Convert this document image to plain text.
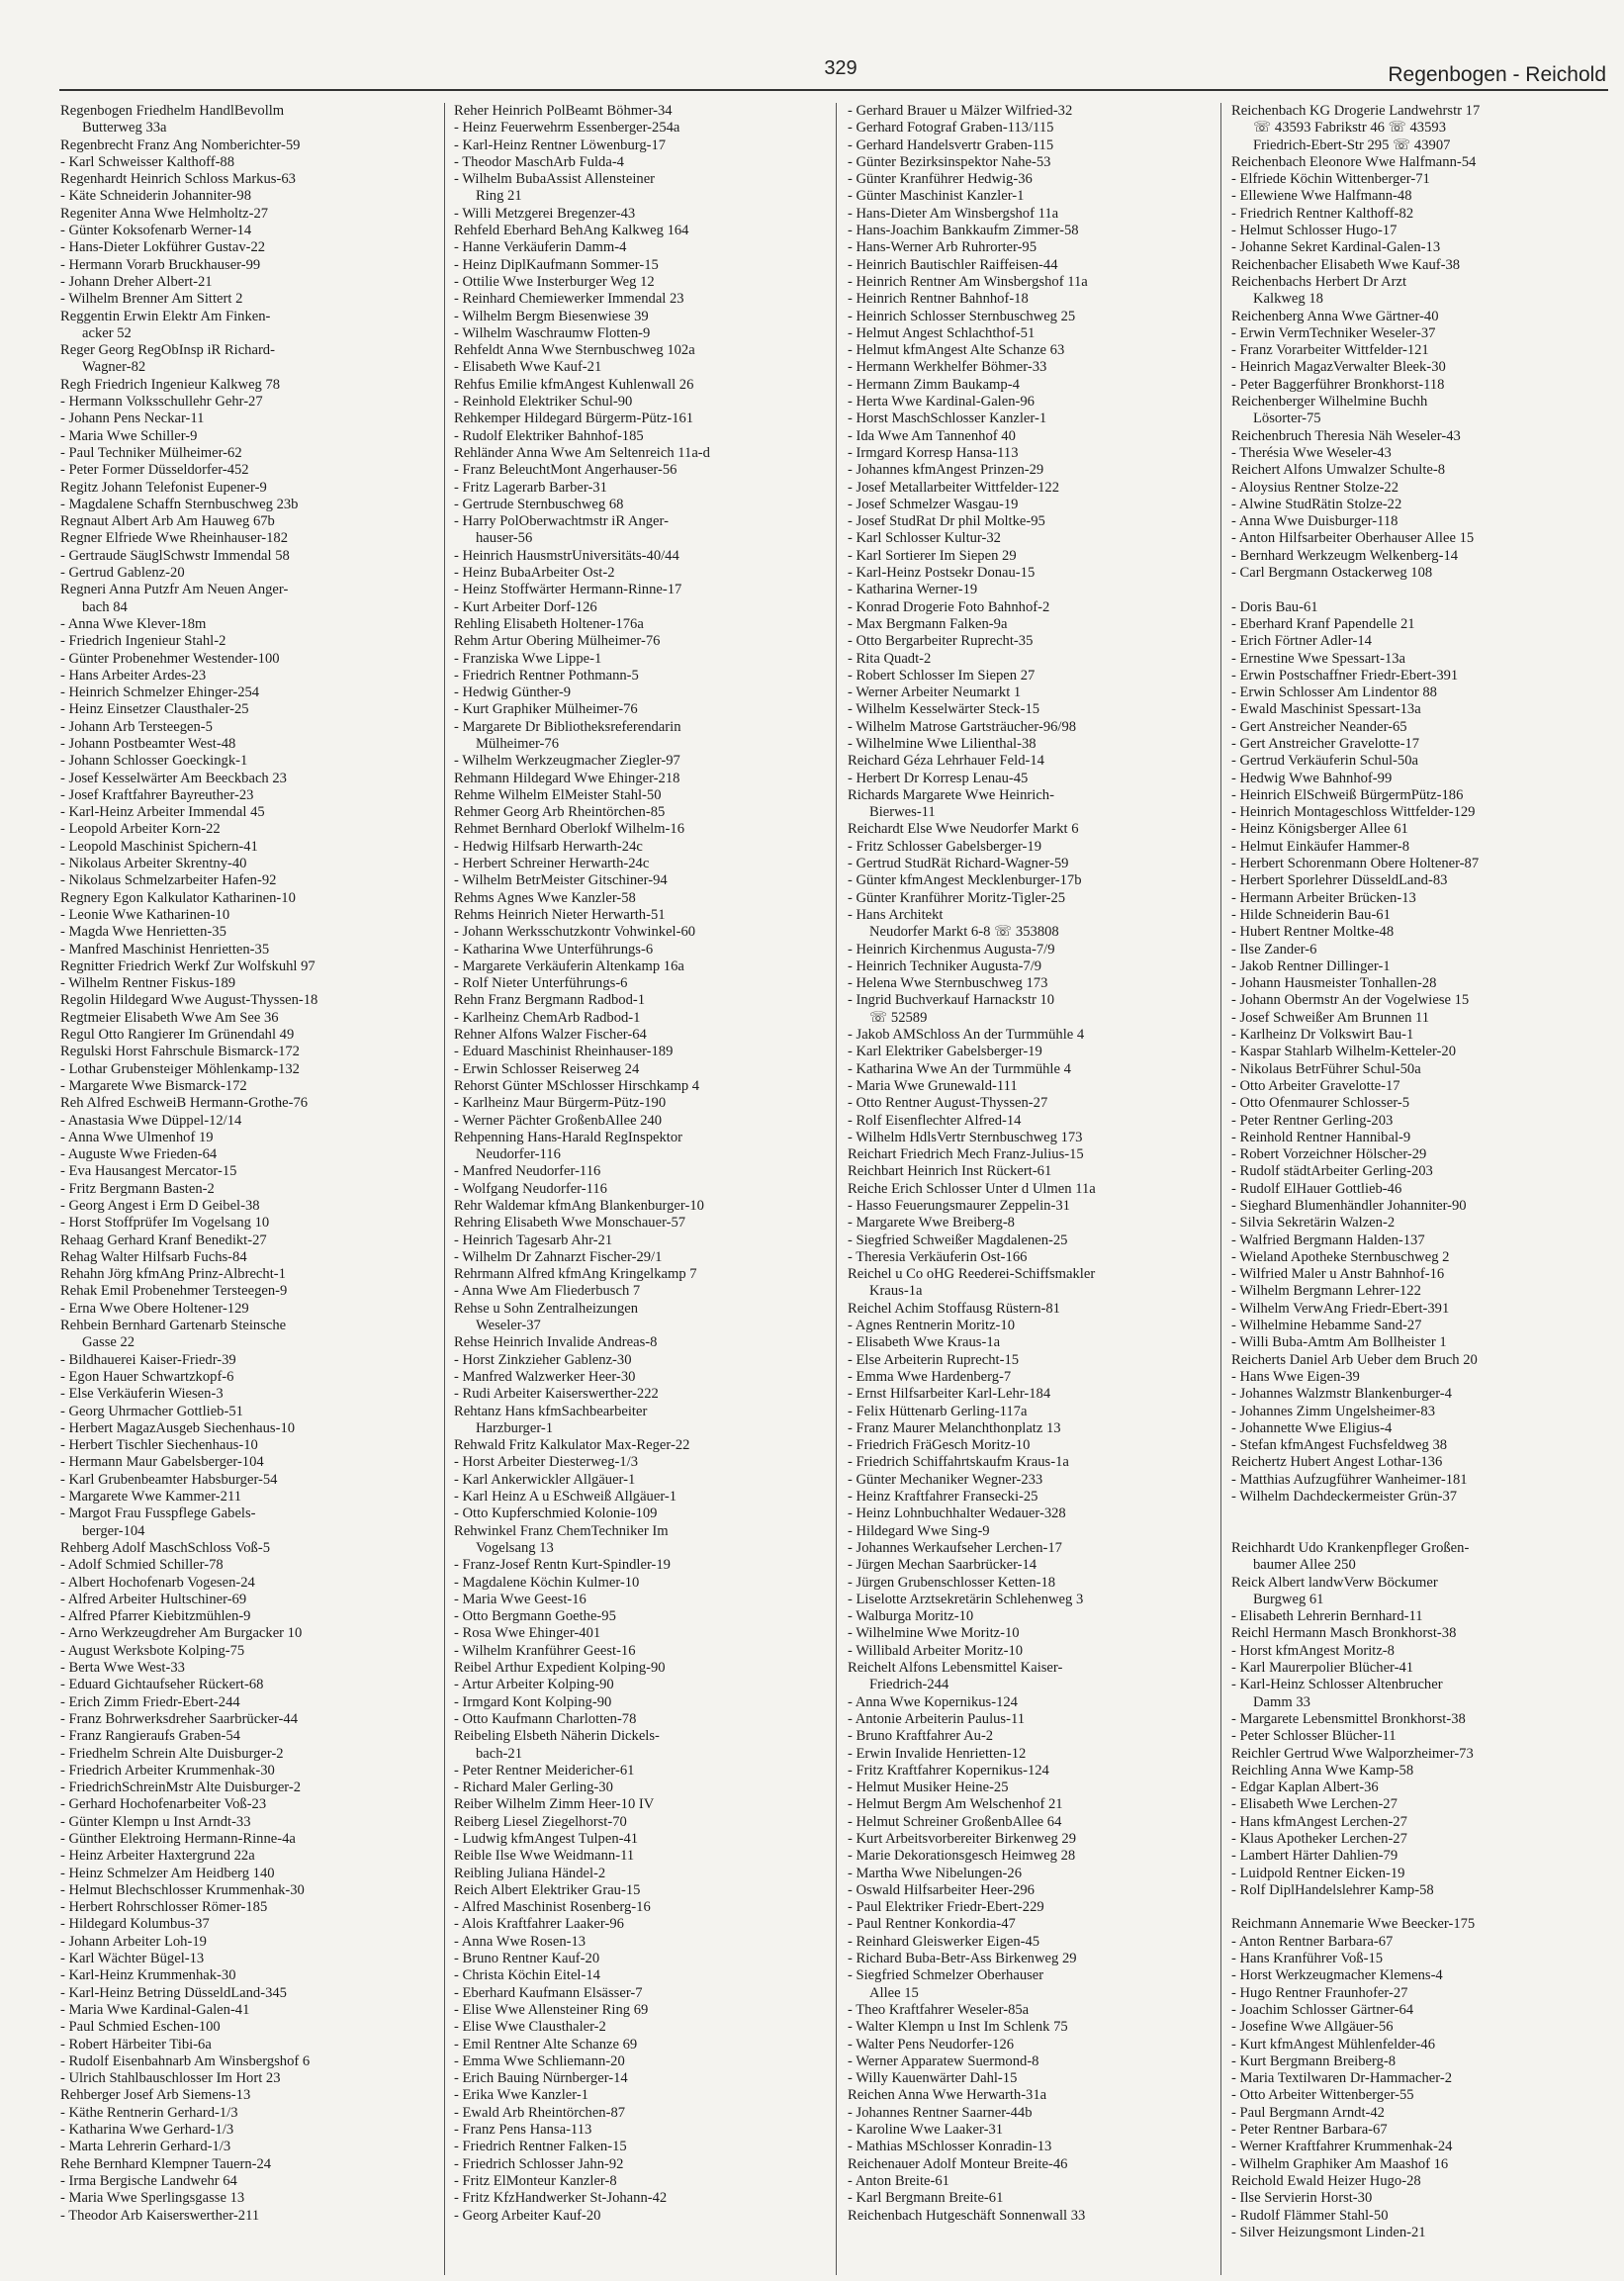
329	Regenbogen - Reichold
Regenbogen Friedhelm HandlBevollm
Butterweg 33a
Regenbrecht Franz Ang Nomberichter-59
- Karl Schweisser Kalthoff-88
Regenhardt Heinrich Schloss Markus-63
- Käte Schneiderin Johanniter-98
Regeniter Anna Wwe Helmholtz-27
- Günter Koksofenarb Werner-14
- Hans-Dieter Lokführer Gustav-22
- Hermann Vorarb Bruckhauser-99
- Johann Dreher Albert-21
- Wilhelm Brenner Am Sittert 2
Reggentin Erwin Elektr Am Finken-
acker 52
Reger Georg RegObInsp iR Richard-
Wagner-82
Regh Friedrich Ingenieur Kalkweg 78
- Hermann Volksschullehr Gehr-27
- Johann Pens Neckar-11
- Maria Wwe Schiller-9
- Paul Techniker Mülheimer-62
- Peter Former Düsseldorfer-452
Regitz Johann Telefonist Eupener-9
- Magdalene Schaffn Sternbuschweg 23b
Regnaut Albert Arb Am Hauweg 67b
Regner Elfriede Wwe Rheinhauser-182
- Gertraude SäuglSchwstr Immendal 58
- Gertrud Gablenz-20
Regneri Anna Putzfr Am Neuen Anger-
bach 84
- Anna Wwe Klever-18m
- Friedrich Ingenieur Stahl-2
- Günter Probenehmer Westender-100
- Hans Arbeiter Ardes-23
- Heinrich Schmelzer Ehinger-254
- Heinz Einsetzer Clausthaler-25
- Johann Arb Tersteegen-5
- Johann Postbeamter West-48
- Johann Schlosser Goeckingk-1
- Josef Kesselwärter Am Beeckbach 23
- Josef Kraftfahrer Bayreuther-23
- Karl-Heinz Arbeiter Immendal 45
- Leopold Arbeiter Korn-22
- Leopold Maschinist Spichern-41
- Nikolaus Arbeiter Skrentny-40
- Nikolaus Schmelzarbeiter Hafen-92
Regnery Egon Kalkulator Katharinen-10
- Leonie Wwe Katharinen-10
- Magda Wwe Henrietten-35
- Manfred Maschinist Henrietten-35
Regnitter Friedrich Werkf Zur Wolfskuhl 97
- Wilhelm Rentner Fiskus-189
Regolin Hildegard Wwe August-Thyssen-18
Regtmeier Elisabeth Wwe Am See 36
Regul Otto Rangierer Im Grünendahl 49
Regulski Horst Fahrschule Bismarck-172
- Lothar Grubensteiger Möhlenkamp-132
- Margarete Wwe Bismarck-172
Reh Alfred EschweiB Hermann-Grothe-76
- Anastasia Wwe Düppel-12/14
- Anna Wwe Ulmenhof 19
- Auguste Wwe Frieden-64
- Eva Hausangest Mercator-15
- Fritz Bergmann Basten-2
- Georg Angest i Erm D Geibel-38
- Horst Stoffprüfer Im Vogelsang 10
Rehaag Gerhard Kranf Benedikt-27
Rehag Walter Hilfsarb Fuchs-84
Rehahn Jörg kfmAng Prinz-Albrecht-1
Rehak Emil Probenehmer Tersteegen-9
- Erna Wwe Obere Holtener-129
Rehbein Bernhard Gartenarb Steinsche
Gasse 22
- Bildhauerei Kaiser-Friedr-39
- Egon Hauer Schwartzkopf-6
- Else Verkäuferin Wiesen-3
- Georg Uhrmacher Gottlieb-51
- Herbert MagazAusgeb Siechenhaus-10
- Herbert Tischler Siechenhaus-10
- Hermann Maur Gabelsberger-104
- Karl Grubenbeamter Habsburger-54
- Margarete Wwe Kammer-211
- Margot Frau Fusspflege Gabels-
berger-104
Rehberg Adolf MaschSchloss Voß-5
- Adolf Schmied Schiller-78
- Albert Hochofenarb Vogesen-24
- Alfred Arbeiter Hultschiner-69
- Alfred Pfarrer Kiebitzmühlen-9
- Arno Werkzeugdreher Am Burgacker 10
- August Werksbote Kolping-75
- Berta Wwe West-33
- Eduard Gichtaufseher Rückert-68
- Erich Zimm Friedr-Ebert-244
- Franz Bohrwerksdreher Saarbrücker-44
- Franz Rangieraufs Graben-54
- Friedhelm Schrein Alte Duisburger-2
- Friedrich Arbeiter Krummenhak-30
- FriedrichSchreinMstr Alte Duisburger-2
- Gerhard Hochofenarbeiter Voß-23
- Günter Klempn u Inst Arndt-33
- Günther Elektroing Hermann-Rinne-4a
- Heinz Arbeiter Haxtergrund 22a
- Heinz Schmelzer Am Heidberg 140
- Helmut Blechschlosser Krummenhak-30
- Herbert Rohrschlosser Römer-185
- Hildegard Kolumbus-37
- Johann Arbeiter Loh-19
- Karl Wächter Bügel-13
- Karl-Heinz Krummenhak-30
- Karl-Heinz Betring DüsseldLand-345
- Maria Wwe Kardinal-Galen-41
- Paul Schmied Eschen-100
- Robert Härbeiter Tibi-6a
- Rudolf Eisenbahnarb Am Winsbergshof 6
- Ulrich Stahlbauschlosser Im Hort 23
Rehberger Josef Arb Siemens-13
- Käthe Rentnerin Gerhard-1/3
- Katharina Wwe Gerhard-1/3
- Marta Lehrerin Gerhard-1/3
Rehe Bernhard Klempner Tauern-24
- Irma Bergische Landwehr 64
- Maria Wwe Sperlingsgasse 13
- Theodor Arb Kaiserswerther-211
Reher Heinrich PolBeamt Böhmer-34
- Heinz Feuerwehrm Essenberger-254a
- Karl-Heinz Rentner Löwenburg-17
- Theodor MaschArb Fulda-4
- Wilhelm BubaAssist Allensteiner
Ring 21
- Willi Metzgerei Bregenzer-43
Rehfeld Eberhard BehAng Kalkweg 164
- Hanne Verkäuferin Damm-4
- Heinz DiplKaufmann Sommer-15
- Ottilie Wwe Insterburger Weg 12
- Reinhard Chemiewerker Immendal 23
- Wilhelm Bergm Biesenwiese 39
- Wilhelm Waschraumw Flotten-9
Rehfeldt Anna Wwe Sternbuschweg 102a
- Elisabeth Wwe Kauf-21
Rehfus Emilie kfmAngest Kuhlenwall 26
- Reinhold Elektriker Schul-90
Rehkemper Hildegard Bürgerm-Pütz-161
- Rudolf Elektriker Bahnhof-185
Rehländer Anna Wwe Am Seltenreich 11a-d
- Franz BeleuchtMont Angerhauser-56
- Fritz Lagerarb Barber-31
- Gertrude Sternbuschweg 68
- Harry PolOberwachtmstr iR Anger-
hauser-56
- Heinrich HausmstrUniversitäts-40/44
- Heinz BubaArbeiter Ost-2
- Heinz Stoffwärter Hermann-Rinne-17
- Kurt Arbeiter Dorf-126
Rehling Elisabeth Holtener-176a
Rehm Artur Obering Mülheimer-76
- Franziska Wwe Lippe-1
- Friedrich Rentner Pothmann-5
- Hedwig Günther-9
- Kurt Graphiker Mülheimer-76
- Margarete Dr Bibliotheksreferendarin
Mülheimer-76
- Wilhelm Werkzeugmacher Ziegler-97
Rehmann Hildegard Wwe Ehinger-218
Rehme Wilhelm ElMeister Stahl-50
Rehmer Georg Arb Rheintörchen-85
Rehmet Bernhard Oberlokf Wilhelm-16
- Hedwig Hilfsarb Herwarth-24c
- Herbert Schreiner Herwarth-24c
- Wilhelm BetrMeister Gitschiner-94
Rehms Agnes Wwe Kanzler-58
Rehms Heinrich Nieter Herwarth-51
- Johann Werksschutzkontr Vohwinkel-60
- Katharina Wwe Unterführungs-6
- Margarete Verkäuferin Altenkamp 16a
- Rolf Nieter Unterführungs-6
Rehn Franz Bergmann Radbod-1
- Karlheinz ChemArb Radbod-1
Rehner Alfons Walzer Fischer-64
- Eduard Maschinist Rheinhauser-189
- Erwin Schlosser Reiserweg 24
Rehorst Günter MSchlosser Hirschkamp 4
- Karlheinz Maur Bürgerm-Pütz-190
- Werner Pächter GroßenbAllee 240
Rehpenning Hans-Harald RegInspektor
Neudorfer-116
- Manfred Neudorfer-116
- Wolfgang Neudorfer-116
Rehr Waldemar kfmAng Blankenburger-10
Rehring Elisabeth Wwe Monschauer-57
- Heinrich Tagesarb Ahr-21
- Wilhelm Dr Zahnarzt Fischer-29/1
Rehrmann Alfred kfmAng Kringelkamp 7
- Anna Wwe Am Fliederbusch 7
Rehse u Sohn Zentralheizungen
Weseler-37
Rehse Heinrich Invalide Andreas-8
- Horst Zinkzieher Gablenz-30
- Manfred Walzwerker Heer-30
- Rudi Arbeiter Kaiserswerther-222
Rehtanz Hans kfmSachbearbeiter
Harzburger-1
Rehwald Fritz Kalkulator Max-Reger-22
- Horst Arbeiter Diesterweg-1/3
- Karl Ankerwickler Allgäuer-1
- Karl Heinz A u ESchweiß Allgäuer-1
- Otto Kupferschmied Kolonie-109
Rehwinkel Franz ChemTechniker Im
Vogelsang 13
- Franz-Josef Rentn Kurt-Spindler-19
- Magdalene Köchin Kulmer-10
- Maria Wwe Geest-16
- Otto Bergmann Goethe-95
- Rosa Wwe Ehinger-401
- Wilhelm Kranführer Geest-16
Reibel Arthur Expedient Kolping-90
- Artur Arbeiter Kolping-90
- Irmgard Kont Kolping-90
- Otto Kaufmann Charlotten-78
Reibeling Elsbeth Näherin Dickels-
bach-21
- Peter Rentner Meidericher-61
- Richard Maler Gerling-30
Reiber Wilhelm Zimm Heer-10 IV
Reiberg Liesel Ziegelhorst-70
- Ludwig kfmAngest Tulpen-41
Reible Ilse Wwe Weidmann-11
Reibling Juliana Händel-2
Reich Albert Elektriker Grau-15
- Alfred Maschinist Rosenberg-16
- Alois Kraftfahrer Laaker-96
- Anna Wwe Rosen-13
- Bruno Rentner Kauf-20
- Christa Köchin Eitel-14
- Eberhard Kaufmann Elsässer-7
- Elise Wwe Allensteiner Ring 69
- Elise Wwe Clausthaler-2
- Emil Rentner Alte Schanze 69
- Emma Wwe Schliemann-20
- Erich Bauing Nürnberger-14
- Erika Wwe Kanzler-1
- Ewald Arb Rheintörchen-87
- Franz Pens Hansa-113
- Friedrich Rentner Falken-15
- Friedrich Schlosser Jahn-92
- Fritz ElMonteur Kanzler-8
- Fritz KfzHandwerker St-Johann-42
- Georg Arbeiter Kauf-20
- Gerhard Brauer u Mälzer Wilfried-32
- Gerhard Fotograf Graben-113/115
- Gerhard Handelsvertr Graben-115
- Günter Bezirksinspektor Nahe-53
- Günter Kranführer Hedwig-36
- Günter Maschinist Kanzler-1
- Hans-Dieter Am Winsbergshof 11a
- Hans-Joachim Bankkaufm Zimmer-58
- Hans-Werner Arb Ruhrorter-95
- Heinrich Bautischler Raiffeisen-44
- Heinrich Rentner Am Winsbergshof 11a
- Heinrich Rentner Bahnhof-18
- Heinrich Schlosser Sternbuschweg 25
- Helmut Angest Schlachthof-51
- Helmut kfmAngest Alte Schanze 63
- Hermann Werkhelfer Böhmer-33
- Hermann Zimm Baukamp-4
- Herta Wwe Kardinal-Galen-96
- Horst MaschSchlosser Kanzler-1
- Ida Wwe Am Tannenhof 40
- Irmgard Korresp Hansa-113
- Johannes kfmAngest Prinzen-29
- Josef Metallarbeiter Wittfelder-122
- Josef Schmelzer Wasgau-19
- Josef StudRat Dr phil Moltke-95
- Karl Schlosser Kultur-32
- Karl Sortierer Im Siepen 29
- Karl-Heinz Postsekr Donau-15
- Katharina Werner-19
- Konrad Drogerie Foto Bahnhof-2
- Max Bergmann Falken-9a
- Otto Bergarbeiter Ruprecht-35
- Rita Quadt-2
- Robert Schlosser Im Siepen 27
- Werner Arbeiter Neumarkt 1
- Wilhelm Kesselwärter Steck-15
- Wilhelm Matrose Gartsträucher-96/98
- Wilhelmine Wwe Lilienthal-38
Reichard Géza Lehrhauer Feld-14
- Herbert Dr Korresp Lenau-45
Richards Margarete Wwe Heinrich-
Bierwes-11
Reichardt Else Wwe Neudorfer Markt 6
- Fritz Schlosser Gabelsberger-19
- Gertrud StudRät Richard-Wagner-59
- Günter kfmAngest Mecklenburger-17b
- Günter Kranführer Moritz-Tigler-25
- Hans Architekt
Neudorfer Markt 6-8 ☏ 353808
- Heinrich Kirchenmus Augusta-7/9
- Heinrich Techniker Augusta-7/9
- Helena Wwe Sternbuschweg 173
- Ingrid Buchverkauf Harnackstr 10
☏ 52589
- Jakob AMSchloss An der Turmmühle 4
- Karl Elektriker Gabelsberger-19
- Katharina Wwe An der Turmmühle 4
- Maria Wwe Grunewald-111
- Otto Rentner August-Thyssen-27
- Rolf Eisenflechter Alfred-14
- Wilhelm HdlsVertr Sternbuschweg 173
Reichart Friedrich Mech Franz-Julius-15
Reichbart Heinrich Inst Rückert-61
Reiche Erich Schlosser Unter d Ulmen 11a
- Hasso Feuerungsmaurer Zeppelin-31
- Margarete Wwe Breiberg-8
- Siegfried Schweißer Magdalenen-25
- Theresia Verkäuferin Ost-166
Reichel u Co oHG Reederei-Schiffsmakler
Kraus-1a
Reichel Achim Stoffausg Rüstern-81
- Agnes Rentnerin Moritz-10
- Elisabeth Wwe Kraus-1a
- Else Arbeiterin Ruprecht-15
- Emma Wwe Hardenberg-7
- Ernst Hilfsarbeiter Karl-Lehr-184
- Felix Hüttenarb Gerling-117a
- Franz Maurer Melanchthonplatz 13
- Friedrich FräGesch Moritz-10
- Friedrich Schiffahrtskaufm Kraus-1a
- Günter Mechaniker Wegner-233
- Heinz Kraftfahrer Fransecki-25
- Heinz Lohnbuchhalter Wedauer-328
- Hildegard Wwe Sing-9
- Johannes Werkaufseher Lerchen-17
- Jürgen Mechan Saarbrücker-14
- Jürgen Grubenschlosser Ketten-18
- Liselotte Arztsekretärin Schlehenweg 3
- Walburga Moritz-10
- Wilhelmine Wwe Moritz-10
- Willibald Arbeiter Moritz-10
Reichelt Alfons Lebensmittel Kaiser-
Friedrich-244
- Anna Wwe Kopernikus-124
- Antonie Arbeiterin Paulus-11
- Bruno Kraftfahrer Au-2
- Erwin Invalide Henrietten-12
- Fritz Kraftfahrer Kopernikus-124
- Helmut Musiker Heine-25
- Helmut Bergm Am Welschenhof 21
- Helmut Schreiner GroßenbAllee 64
- Kurt Arbeitsvorbereiter Birkenweg 29
- Marie Dekorationsgesch Heimweg 28
- Martha Wwe Nibelungen-26
- Oswald Hilfsarbeiter Heer-296
- Paul Elektriker Friedr-Ebert-229
- Paul Rentner Konkordia-47
- Reinhard Gleiswerker Eigen-45
- Richard Buba-Betr-Ass Birkenweg 29
- Siegfried Schmelzer Oberhauser
Allee 15
- Theo Kraftfahrer Weseler-85a
- Walter Klempn u Inst Im Schlenk 75
- Walter Pens Neudorfer-126
- Werner Apparatew Suermond-8
- Willy Kauenwärter Dahl-15
Reichen Anna Wwe Herwarth-31a
- Johannes Rentner Saarner-44b
- Karoline Wwe Laaker-31
- Mathias MSchlosser Konradin-13
Reichenauer Adolf Monteur Breite-46
- Anton Breite-61
- Karl Bergmann Breite-61
Reichenbach Hutgeschäft Sonnenwall 33
Reichenbach KG Drogerie Landwehrstr 17
☏ 43593 Fabrikstr 46 ☏ 43593
Friedrich-Ebert-Str 295 ☏ 43907
Reichenbach Eleonore Wwe Halfmann-54
- Elfriede Köchin Wittenberger-71
- Ellewiene Wwe Halfmann-48
- Friedrich Rentner Kalthoff-82
- Helmut Schlosser Hugo-17
- Johanne Sekret Kardinal-Galen-13
Reichenbacher Elisabeth Wwe Kauf-38
Reichenbachs Herbert Dr Arzt
Kalkweg 18
Reichenberg Anna Wwe Gärtner-40
- Erwin VermTechniker Weseler-37
- Franz Vorarbeiter Wittfelder-121
- Heinrich MagazVerwalter Bleek-30
- Peter Baggerführer Bronkhorst-118
Reichenberger Wilhelmine Buchh
Lösorter-75
Reichenbruch Theresia Näh Weseler-43
- Therésia Wwe Weseler-43
Reichert Alfons Umwalzer Schulte-8
- Aloysius Rentner Stolze-22
- Alwine StudRätin Stolze-22
- Anna Wwe Duisburger-118
- Anton Hilfsarbeiter Oberhauser Allee 15
- Bernhard Werkzeugm Welkenberg-14
- Carl Bergmann Ostackerweg 108
- Doris Bau-61
- Eberhard Kranf Papendelle 21
- Erich Förtner Adler-14
- Ernestine Wwe Spessart-13a
- Erwin Postschaffner Friedr-Ebert-391
- Erwin Schlosser Am Lindentor 88
- Ewald Maschinist Spessart-13a
- Gert Anstreicher Neander-65
- Gert Anstreicher Gravelotte-17
- Gertrud Verkäuferin Schul-50a
- Hedwig Wwe Bahnhof-99
- Heinrich ElSchweiß BürgermPütz-186
- Heinrich Montageschloss Wittfelder-129
- Heinz Königsberger Allee 61
- Helmut Einkäufer Hammer-8
- Herbert Schorenmann Obere Holtener-87
- Herbert Sporlehrer DüsseldLand-83
- Hermann Arbeiter Brücken-13
- Hilde Schneiderin Bau-61
- Hubert Rentner Moltke-48
- Ilse Zander-6
- Jakob Rentner Dillinger-1
- Johann Hausmeister Tonhallen-28
- Johann Obermstr An der Vogelwiese 15
- Josef Schweißer Am Brunnen 11
- Karlheinz Dr Volkswirt Bau-1
- Kaspar Stahlarb Wilhelm-Ketteler-20
- Nikolaus BetrFührer Schul-50a
- Otto Arbeiter Gravelotte-17
- Otto Ofenmaurer Schlosser-5
- Peter Rentner Gerling-203
- Reinhold Rentner Hannibal-9
- Robert Vorzeichner Hölscher-29
- Rudolf städtArbeiter Gerling-203
- Rudolf ElHauer Gottlieb-46
- Sieghard Blumenhändler Johanniter-90
- Silvia Sekretärin Walzen-2
- Walfried Bergmann Halden-137
- Wieland Apotheke Sternbuschweg 2
- Wilfried Maler u Anstr Bahnhof-16
- Wilhelm Bergmann Lehrer-122
- Wilhelm VerwAng Friedr-Ebert-391
- Wilhelmine Hebamme Sand-27
- Willi Buba-Amtm Am Bollheister 1
Reicherts Daniel Arb Ueber dem Bruch 20
- Hans Wwe Eigen-39
- Johannes Walzmstr Blankenburger-4
- Johannes Zimm Ungelsheimer-83
- Johannette Wwe Eligius-4
- Stefan kfmAngest Fuchsfeldweg 38
Reichertz Hubert Angest Lothar-136
- Matthias Aufzugführer Wanheimer-181
- Wilhelm Dachdeckermeister Grün-37
Reichhardt Udo Krankenpfleger Großen-
baumer Allee 250
Reick Albert landwVerw Böckumer
Burgweg 61
- Elisabeth Lehrerin Bernhard-11
Reichl Hermann Masch Bronkhorst-38
- Horst kfmAngest Moritz-8
- Karl Maurerpolier Blücher-41
- Karl-Heinz Schlosser Altenbrucher
Damm 33
- Margarete Lebensmittel Bronkhorst-38
- Peter Schlosser Blücher-11
Reichler Gertrud Wwe Walporzheimer-73
Reichling Anna Wwe Kamp-58
- Edgar Kaplan Albert-36
- Elisabeth Wwe Lerchen-27
- Hans kfmAngest Lerchen-27
- Klaus Apotheker Lerchen-27
- Lambert Härter Dahlien-79
- Luidpold Rentner Eicken-19
- Rolf DiplHandelslehrer Kamp-58
Reichmann Annemarie Wwe Beecker-175
- Anton Rentner Barbara-67
- Hans Kranführer Voß-15
- Horst Werkzeugmacher Klemens-4
- Hugo Rentner Fraunhofer-27
- Joachim Schlosser Gärtner-64
- Josefine Wwe Allgäuer-56
- Kurt kfmAngest Mühlenfelder-46
- Kurt Bergmann Breiberg-8
- Maria Textilwaren Dr-Hammacher-2
- Otto Arbeiter Wittenberger-55
- Paul Bergmann Arndt-42
- Peter Rentner Barbara-67
- Werner Kraftfahrer Krummenhak-24
- Wilhelm Graphiker Am Maashof 16
Reichold Ewald Heizer Hugo-28
- Ilse Servierin Horst-30
- Rudolf Flämmer Stahl-50
- Silver Heizungsmont Linden-21
